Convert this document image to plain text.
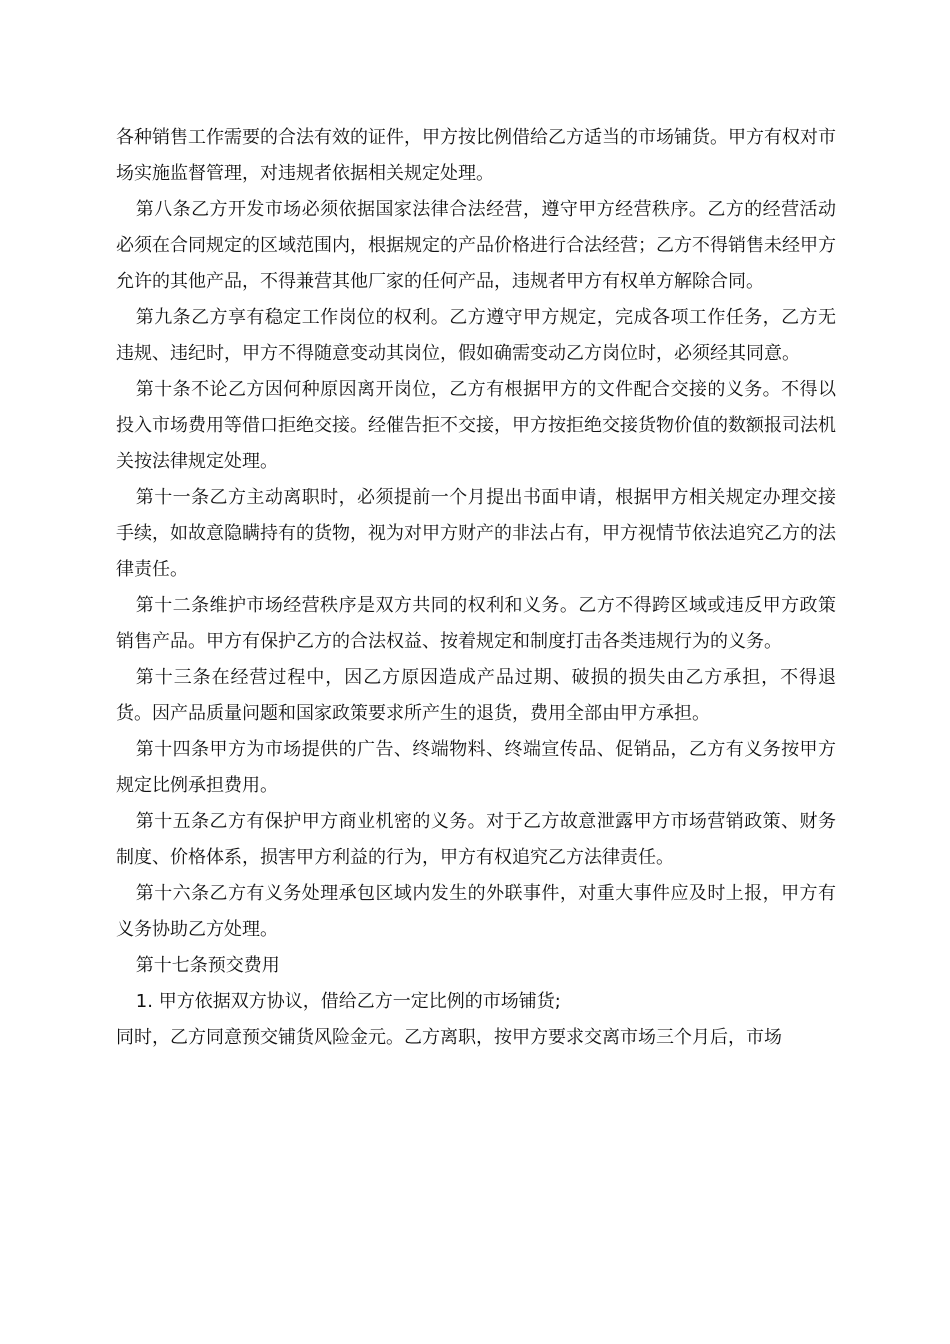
各种销售工作需要的合法有效的证件，甲方按比例借给乙方适当的市场铺货。甲方有权对市场实施监督管理，对违规者依据相关规定处理。

第八条乙方开发市场必须依据国家法律合法经营，遵守甲方经营秩序。乙方的经营活动必须在合同规定的区域范围内，根据规定的产品价格进行合法经营；乙方不得销售未经甲方允许的其他产品，不得兼营其他厂家的任何产品，违规者甲方有权单方解除合同。

第九条乙方享有稳定工作岗位的权利。乙方遵守甲方规定，完成各项工作任务，乙方无违规、违纪时，甲方不得随意变动其岗位，假如确需变动乙方岗位时，必须经其同意。

第十条不论乙方因何种原因离开岗位，乙方有根据甲方的文件配合交接的义务。不得以投入市场费用等借口拒绝交接。经催告拒不交接，甲方按拒绝交接货物价值的数额报司法机关按法律规定处理。

第十一条乙方主动离职时，必须提前一个月提出书面申请，根据甲方相关规定办理交接手续，如故意隐瞒持有的货物，视为对甲方财产的非法占有，甲方视情节依法追究乙方的法律责任。

第十二条维护市场经营秩序是双方共同的权利和义务。乙方不得跨区域或违反甲方政策销售产品。甲方有保护乙方的合法权益、按着规定和制度打击各类违规行为的义务。

第十三条在经营过程中，因乙方原因造成产品过期、破损的损失由乙方承担，不得退货。因产品质量问题和国家政策要求所产生的退货，费用全部由甲方承担。

第十四条甲方为市场提供的广告、终端物料、终端宣传品、促销品，乙方有义务按甲方规定比例承担费用。

第十五条乙方有保护甲方商业机密的义务。对于乙方故意泄露甲方市场营销政策、财务制度、价格体系，损害甲方利益的行为，甲方有权追究乙方法律责任。

第十六条乙方有义务处理承包区域内发生的外联事件，对重大事件应及时上报，甲方有义务协助乙方处理。

第十七条预交费用

1. 甲方依据双方协议，借给乙方一定比例的市场铺货;

同时，乙方同意预交铺货风险金元。乙方离职，按甲方要求交离市场三个月后，市场
